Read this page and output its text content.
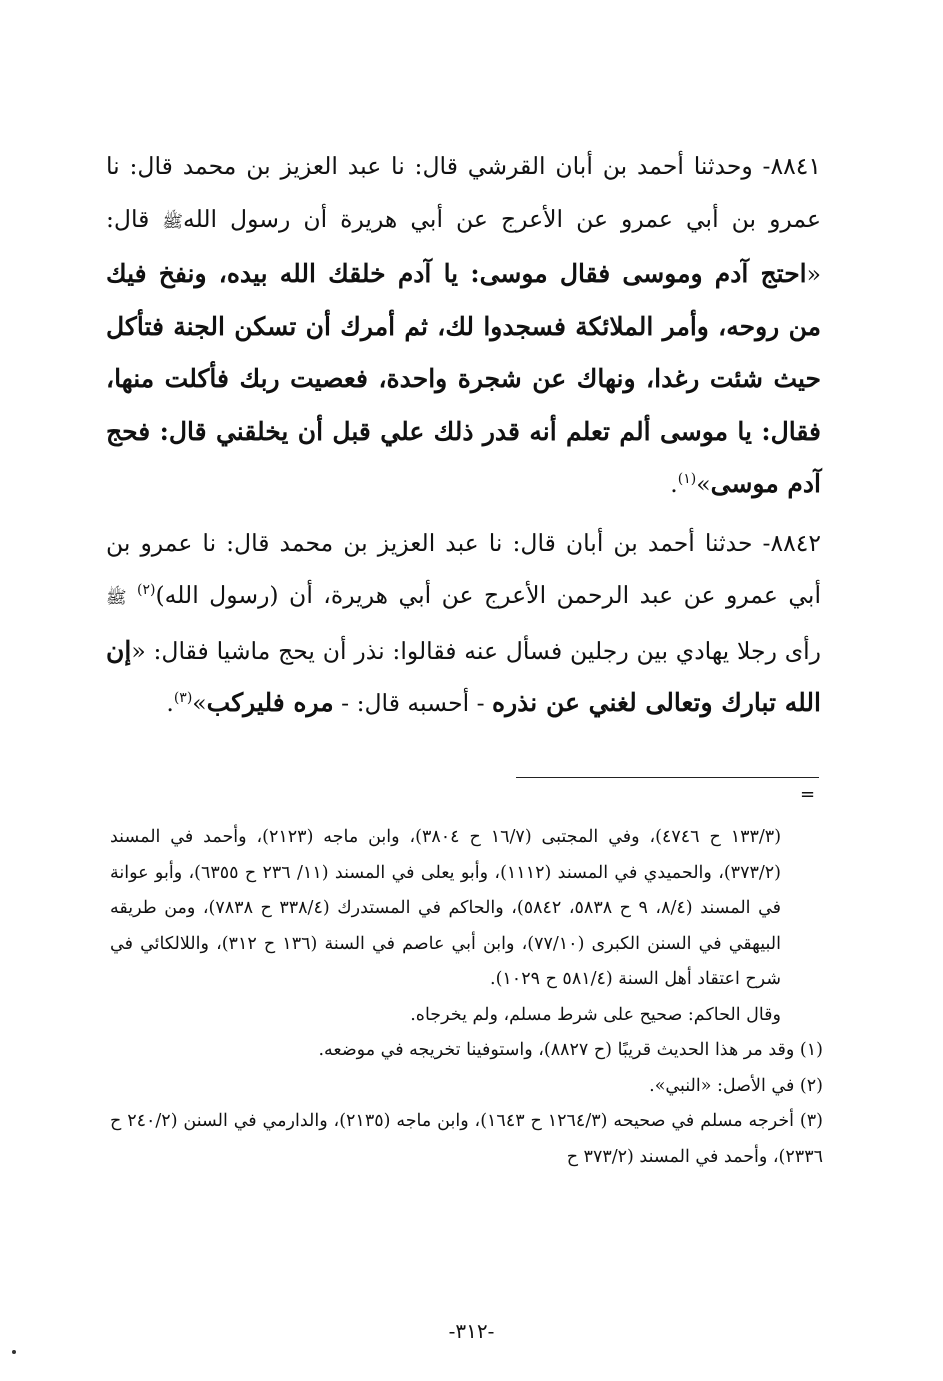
٨٨٤١- وحدثنا أحمد بن أبان القرشي قال: نا عبد العزيز بن محمد قال: نا عمرو بن أبي عمرو عن الأعرج عن أبي هريرة أن رسول اللهﷺ قال: «احتج آدم وموسى فقال موسى: يا آدم خلقك الله بيده، ونفخ فيك من روحه، وأمر الملائكة فسجدوا لك، ثم أمرك أن تسكن الجنة فتأكل حيث شئت رغدا، ونهاك عن شجرة واحدة، فعصيت ربك فأكلت منها، فقال: يا موسى ألم تعلم أنه قدر ذلك علي قبل أن يخلقني قال: فحج آدم موسى»$^{(١)}$.

٨٨٤٢- حدثنا أحمد بن أبان قال: نا عبد العزيز بن محمد قال: نا عمرو بن أبي عمرو عن عبد الرحمن الأعرج عن أبي هريرة، أن (رسول الله)$^{(٢)}$ ﷺ رأى رجلا يهادي بين رجلين فسأل عنه فقالوا: نذر أن يحج ماشيا فقال: «إن الله تبارك وتعالى لغني عن نذره - أحسبه قال: - مره فليركب»$^{(٣)}$.

=

(١٣٣/٣ ح ٤٧٤٦)، وفي المجتبى (١٦/٧ ح ٣٨٠٤)، وابن ماجه (٢١٢٣)، وأحمد في المسند (٣٧٣/٢)، والحميدي في المسند (١١١٢)، وأبو يعلى في المسند (١١/ ٢٣٦ ح ٦٣٥٥)، وأبو عوانة في المسند (٨/٤، ٩ ح ٥٨٣٨، ٥٨٤٢)، والحاكم في المستدرك (٣٣٨/٤ ح ٧٨٣٨)، ومن طريقه البيهقي في السنن الكبرى (٧٧/١٠)، وابن أبي عاصم في السنة (١٣٦ ح ٣١٢)، واللالكائي في شرح اعتقاد أهل السنة (٥٨١/٤ ح ١٠٢٩).

وقال الحاكم: صحيح على شرط مسلم، ولم يخرجاه.

(١) وقد مر هذا الحديث قريبًا (ح ٨٨٢٧)، واستوفينا تخريجه في موضعه.

(٢) في الأصل: «النبي».

(٣) أخرجه مسلم في صحيحه (١٢٦٤/٣ ح ١٦٤٣)، وابن ماجه (٢١٣٥)، والدارمي في السنن (٢٤٠/٢ ح ٢٣٣٦)، وأحمد في المسند (٣٧٣/٢ ح

-٣١٢-
